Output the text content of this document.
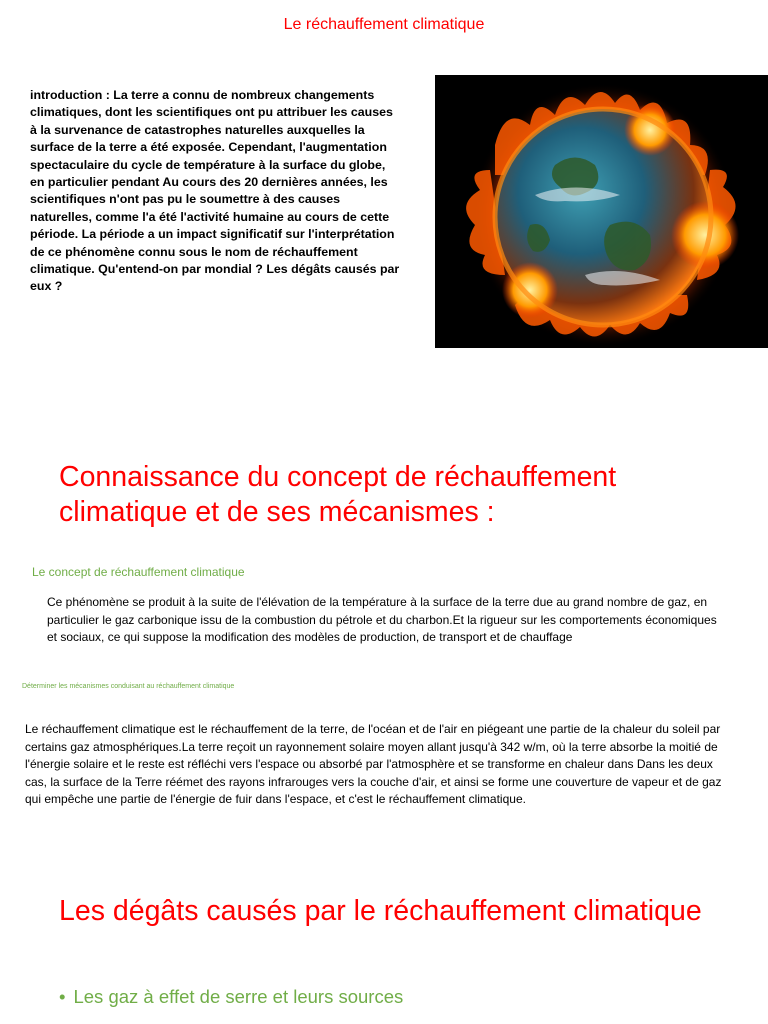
Le réchauffement climatique

introduction : La terre a connu de nombreux changements climatiques, dont les scientifiques ont pu attribuer les causes à la survenance de catastrophes naturelles auxquelles la surface de la terre a été exposée. Cependant, l'augmentation spectaculaire du cycle de température à la surface du globe, en particulier pendant Au cours des 20 dernières années, les scientifiques n'ont pas pu le soumettre à des causes naturelles, comme l'a été l'activité humaine au cours de cette période. La période a un impact significatif sur l'interprétation de ce phénomène connu sous le nom de réchauffement climatique. Qu'entend-on par mondial ? Les dégâts causés par eux ?

Connaissance du concept de réchauffement climatique et de ses mécanismes :
Le concept de réchauffement climatique

Ce phénomène se produit à la suite de l'élévation de la température à la surface de la terre due au grand nombre de gaz, en particulier le gaz carbonique issu de la combustion du pétrole et du charbon.Et la rigueur sur les comportements économiques et sociaux, ce qui suppose la modification des modèles de production, de transport et de chauffage

Déterminer les mécanismes conduisant au réchauffement climatique

Le réchauffement climatique est le réchauffement de la terre, de l'océan et de l'air en piégeant une partie de la chaleur du soleil par certains gaz atmosphériques.La terre reçoit un rayonnement solaire moyen allant jusqu'à 342 w/m, où la terre absorbe la moitié de l'énergie solaire et le reste est réfléchi vers l'espace ou absorbé par l'atmosphère et se transforme en chaleur dans Dans les deux cas, la surface de la Terre réémet des rayons infrarouges vers la couche d'air, et ainsi se forme une couverture de vapeur et de gaz qui empêche une partie de l'énergie de fuir dans l'espace, et c'est le réchauffement climatique.

Les dégâts causés par le réchauffement climatique
• Les gaz à effet de serre et leurs sources
